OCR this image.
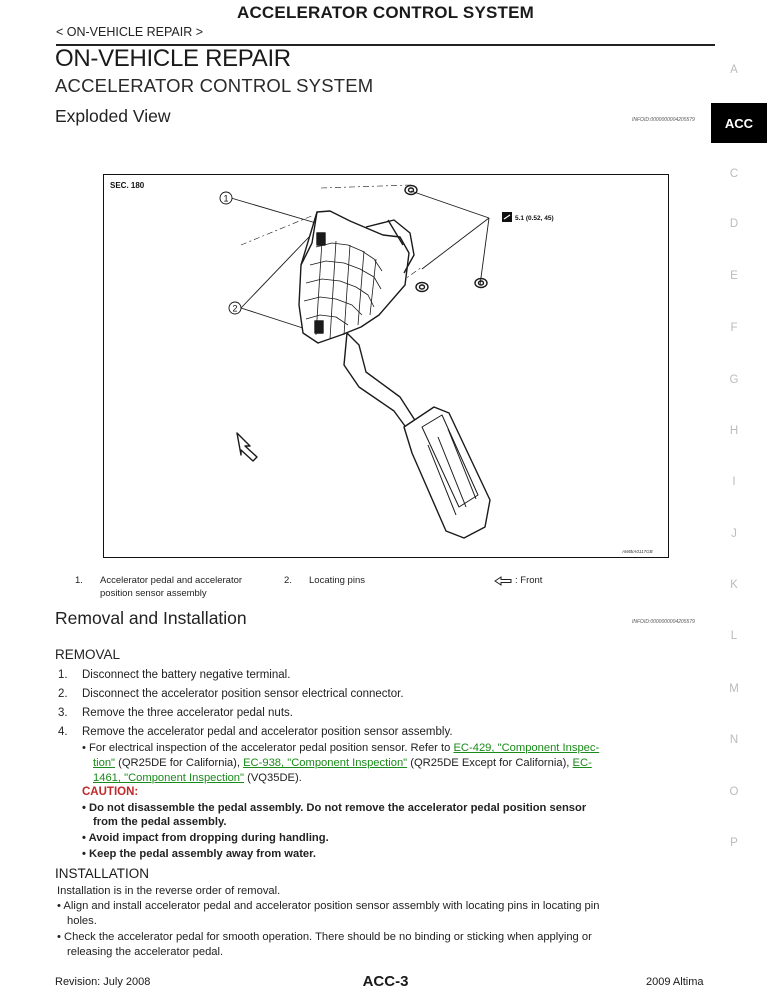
ACCELERATOR CONTROL SYSTEM
< ON-VEHICLE REPAIR >
ON-VEHICLE REPAIR
ACCELERATOR CONTROL SYSTEM
Exploded View	INFOID:0000000004205579
A
ACC
C
D
E
F
G
H
I
J
K
L
M
N
O
P
1
2
5.1 (0.52, 45)
SEC. 180
AWBIA0117GB
1. Accelerator pedal and accelerator
position sensor assembly
2. Locating pins	: Front
Removal and Installation	INFOID:0000000004205579
REMOVAL
1. Disconnect the battery negative terminal.
2. Disconnect the accelerator position sensor electrical connector.
3. Remove the three accelerator pedal nuts.
4. Remove the accelerator pedal and accelerator position sensor assembly.
• For electrical inspection of the accelerator pedal position sensor. Refer to EC-429, "Component Inspec-
tion" (QR25DE for California), EC-938, "Component Inspection" (QR25DE Except for California), EC-
1461, "Component Inspection" (VQ35DE).
CAUTION:
• Do not disassemble the pedal assembly. Do not remove the accelerator pedal position sensor
from the pedal assembly.
• Avoid impact from dropping during handling.
• Keep the pedal assembly away from water.
INSTALLATION
Installation is in the reverse order of removal.
• Align and install accelerator pedal and accelerator position sensor assembly with locating pins in locating pin
holes.
• Check the accelerator pedal for smooth operation. There should be no binding or sticking when applying or
releasing the accelerator pedal.
Revision: July 2008	ACC-3	2009 Altima
